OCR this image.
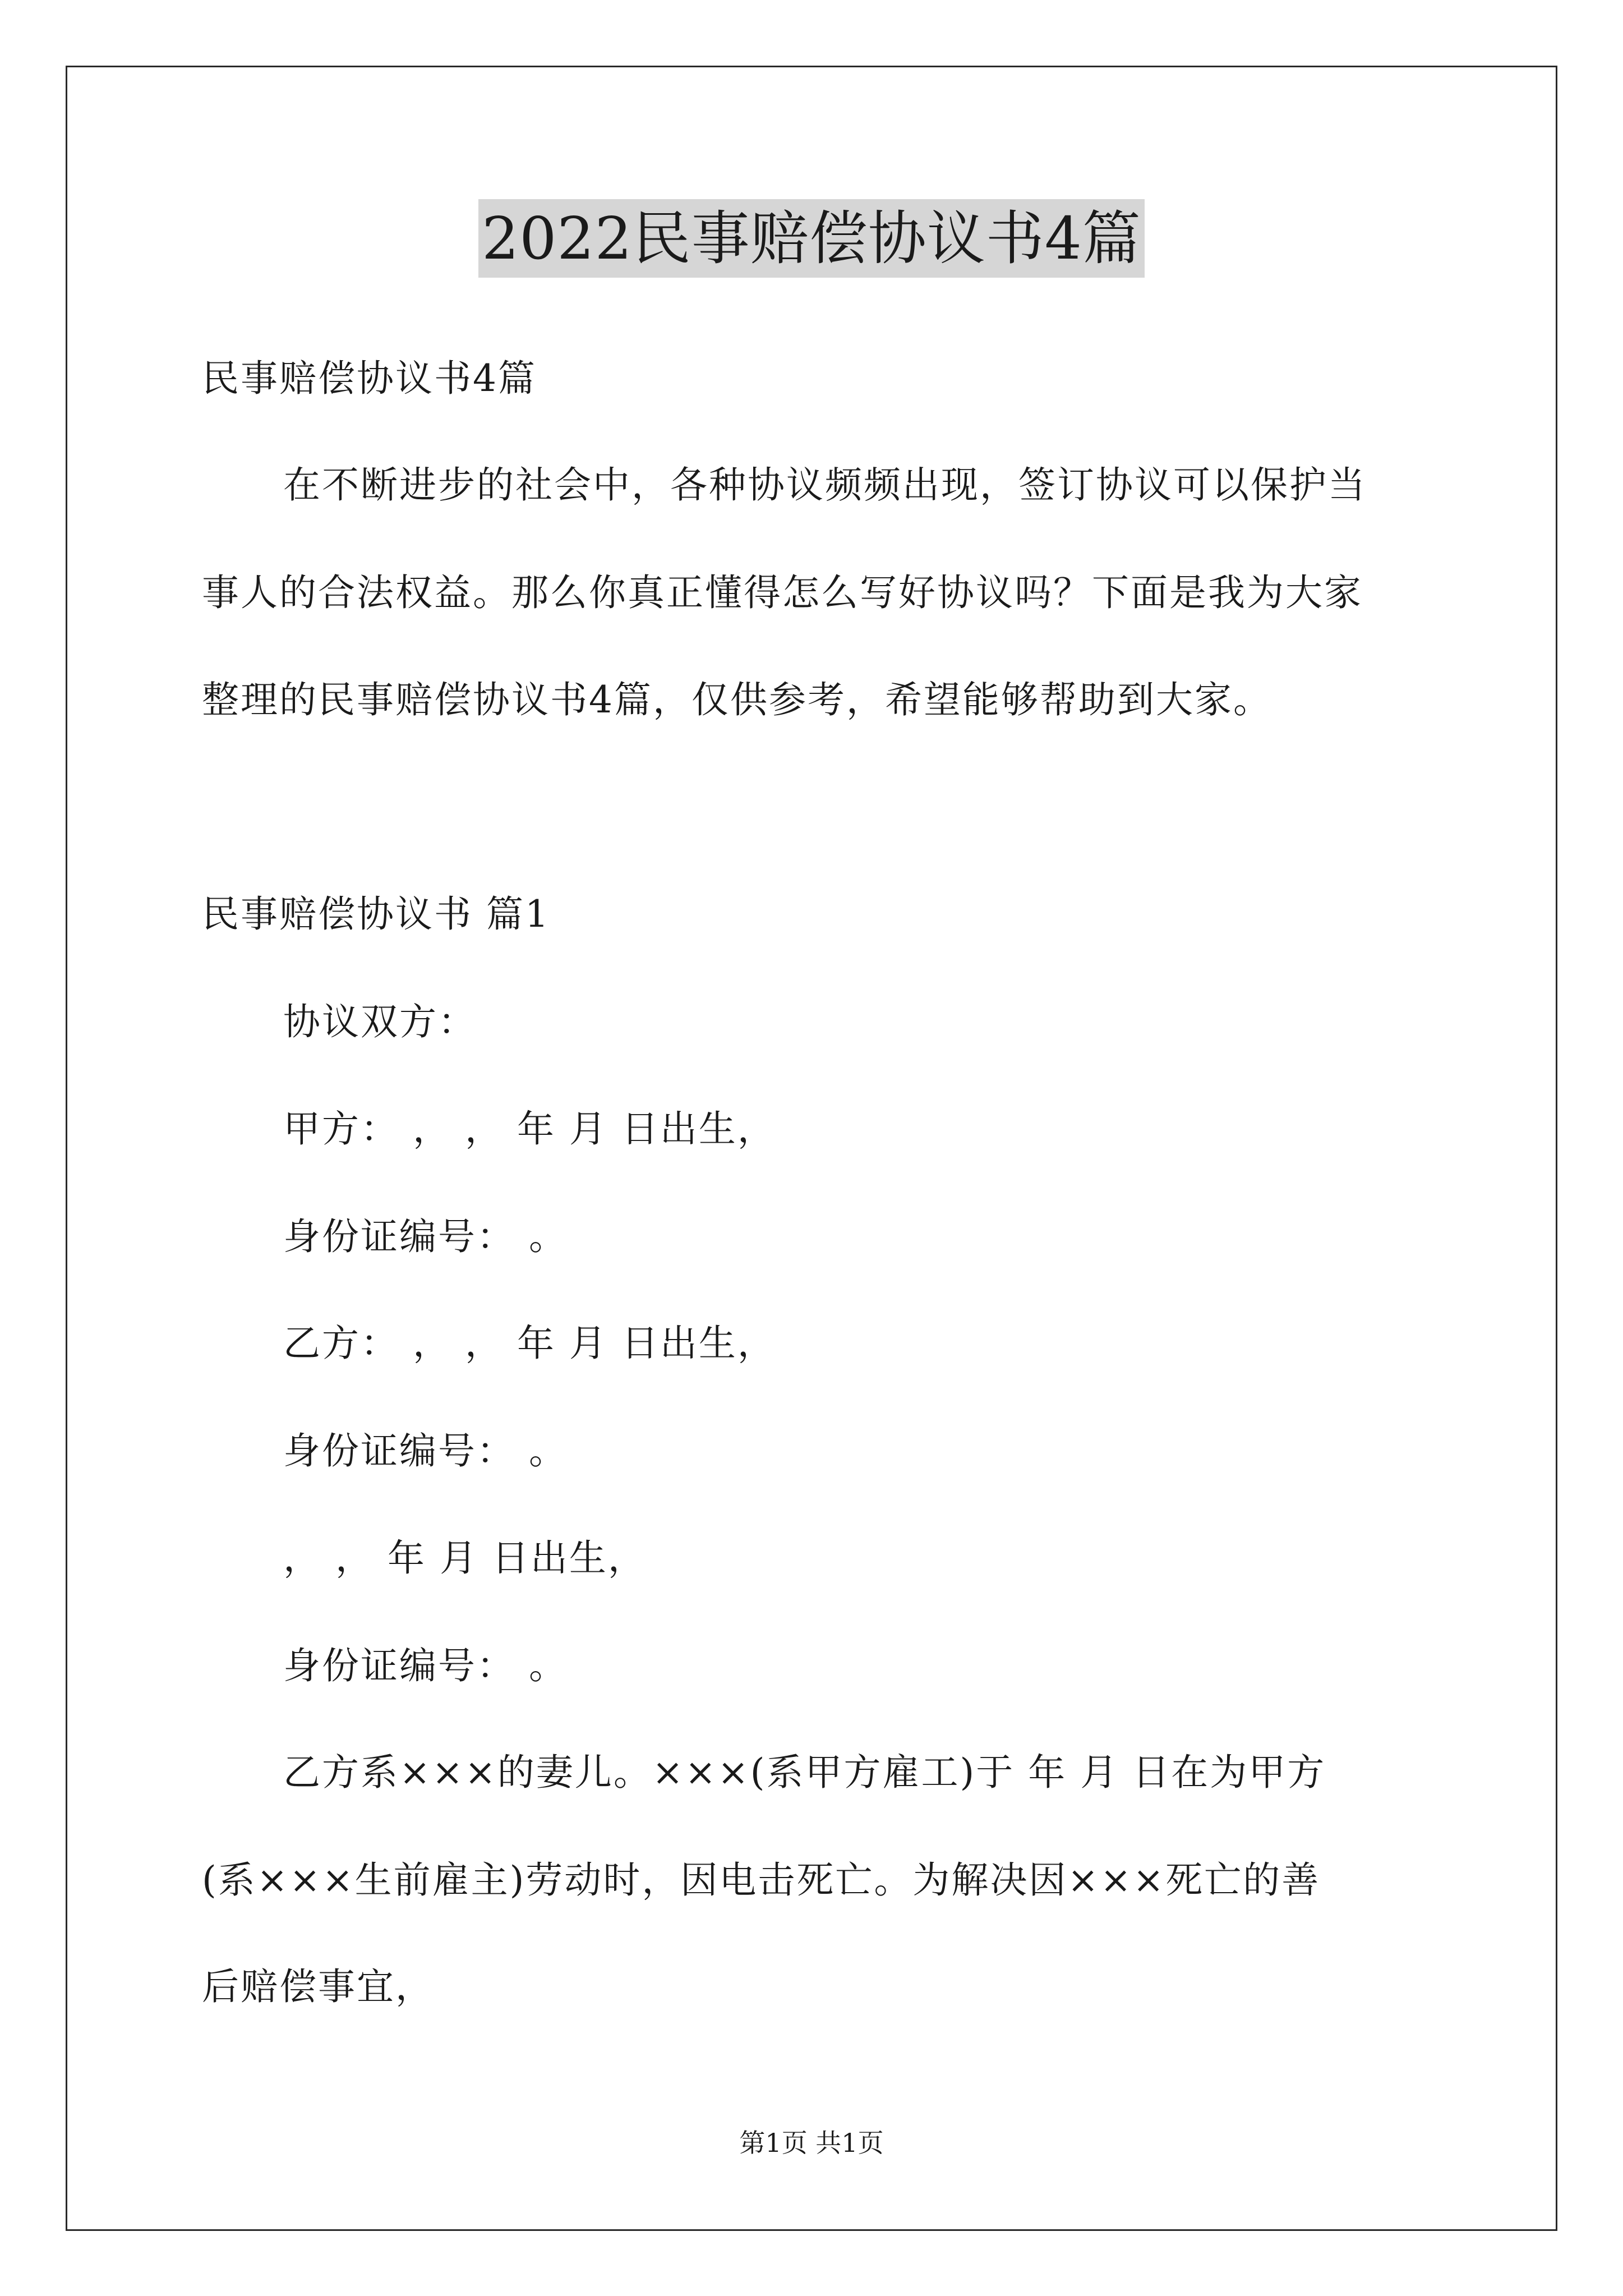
2022民事赔偿协议书4篇
民事赔偿协议书4篇
在不断进步的社会中，各种协议频频出现，签订协议可以保护当
事人的合法权益。那么你真正懂得怎么写好协议吗？下面是我为大家
整理的民事赔偿协议书4篇，仅供参考，希望能够帮助到大家。
民事赔偿协议书 篇1
协议双方：
甲方： ， ， 年 月 日出生，
身份证编号： 。
乙方： ， ， 年 月 日出生，
身份证编号： 。
， ， 年 月 日出生，
身份证编号： 。
乙方系×××的妻儿。×××(系甲方雇工)于 年 月 日在为甲方
(系×××生前雇主)劳动时，因电击死亡。为解决因×××死亡的善
后赔偿事宜，
第1页 共1页
